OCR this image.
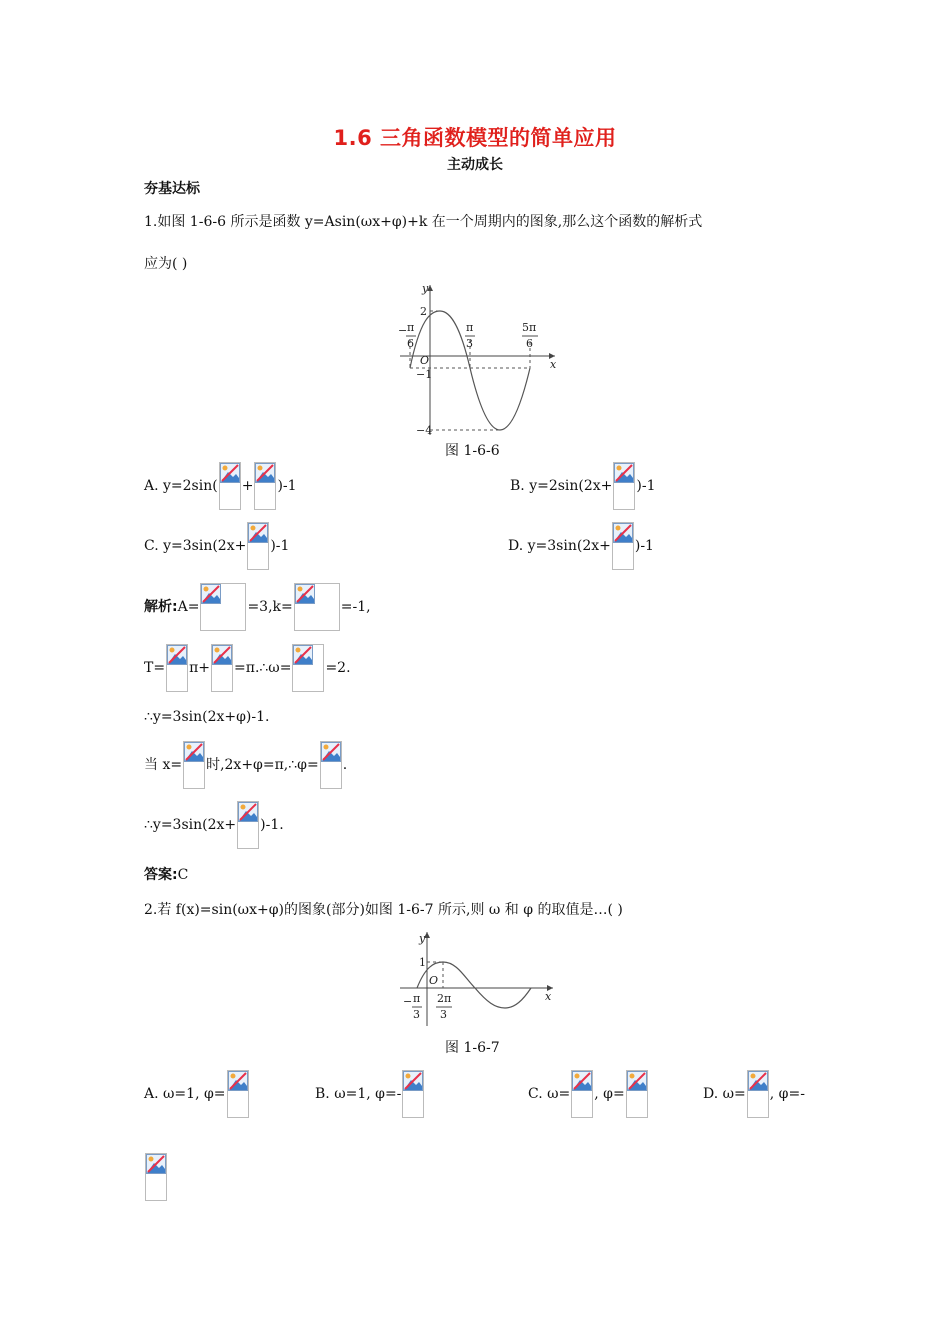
1.6 三角函数模型的简单应用
主动成长
夯基达标
1.如图 1-6-6 所示是函数 y=Asin(ωx+φ)+k 在一个周期内的图象,那么这个函数的解析式
应为( )
y
x
O
2
−1
−4
− π
6
π
3
5π
6
图 1-6-6
A. y=2sin( + )-1	B. y=2sin(2x+ )-1
C. y=3sin(2x+ )-1	D. y=3sin(2x+ )-1
解析:A=	=3,k=	=-1,
T= π+ =π.∴ω= =2.
∴y=3sin(2x+φ)-1.
当 x= 时,2x+φ=π,∴φ= .
∴y=3sin(2x+ )-1.
答案:C
2.若 f(x)=sin(ωx+φ)的图象(部分)如图 1-6-7 所示,则 ω 和 φ 的取值是…( )
y
x
O
1
− π
3
2π
3
图 1-6-7
A. ω=1, φ=	B. ω=1, φ=-	C. ω= , φ=	D. ω= , φ=-
